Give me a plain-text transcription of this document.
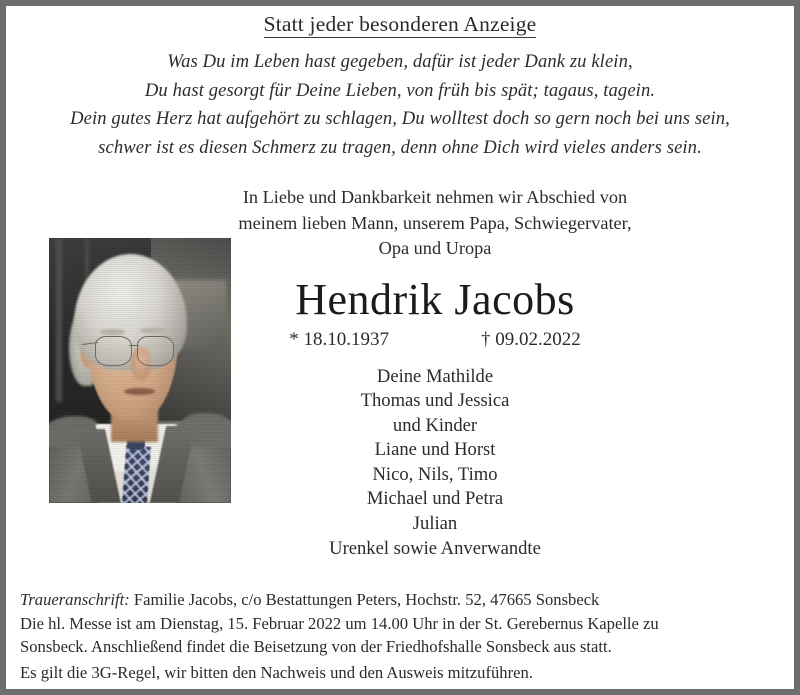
Statt jeder besonderen Anzeige
Was Du im Leben hast gegeben, dafür ist jeder Dank zu klein,
Du hast gesorgt für Deine Lieben, von früh bis spät; tagaus, tagein.
Dein gutes Herz hat aufgehört zu schlagen, Du wolltest doch so gern noch bei uns sein,
schwer ist es diesen Schmerz zu tragen, denn ohne Dich wird vieles anders sein.
In Liebe und Dankbarkeit nehmen wir Abschied von
meinem lieben Mann, unserem Papa, Schwiegervater,
Opa und Uropa
Hendrik Jacobs
* 18.10.1937	† 09.02.2022
Deine Mathilde
Thomas und Jessica
und Kinder
Liane und Horst
Nico, Nils, Timo
Michael und Petra
Julian
Urenkel sowie Anverwandte

Traueranschrift: Familie Jacobs, c/o Bestattungen Peters, Hochstr. 52, 47665 Sonsbeck

Die hl. Messe ist am Dienstag, 15. Februar 2022 um 14.00 Uhr in der St. Gerebernus Kapelle zu

Sonsbeck. Anschließend findet die Beisetzung von der Friedhofshalle Sonsbeck aus statt.

Es gilt die 3G-Regel, wir bitten den Nachweis und den Ausweis mitzuführen.
